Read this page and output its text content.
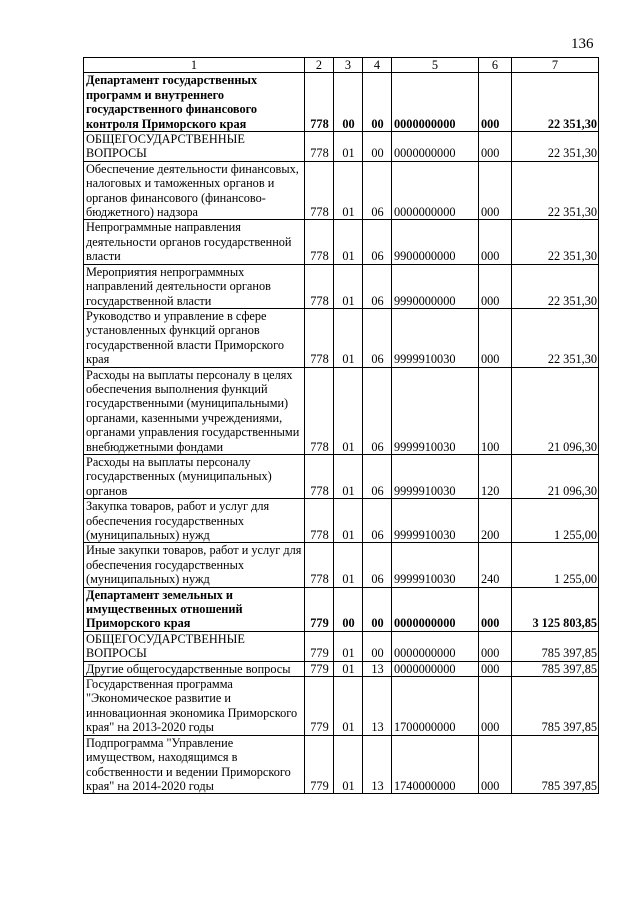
136
1	2	3	4	5	6	7
Департамент государственных программ и внутреннего государственного финансового контроля Приморского края	778	00	00	0000000000	000	22 351,30
ОБЩЕГОСУДАРСТВЕННЫЕ ВОПРОСЫ	778	01	00	0000000000	000	22 351,30
Обеспечение деятельности финансовых, налоговых и таможенных органов и органов финансового (финансово-бюджетного) надзора	778	01	06	0000000000	000	22 351,30
Непрограммные направления деятельности органов государственной власти	778	01	06	9900000000	000	22 351,30
Мероприятия непрограммных направлений деятельности органов государственной власти	778	01	06	9990000000	000	22 351,30
Руководство и управление в сфере установленных функций органов государственной власти Приморского края	778	01	06	9999910030	000	22 351,30
Расходы на выплаты персоналу в целях обеспечения выполнения функций государственными (муниципальными) органами, казенными учреждениями, органами управления государственными внебюджетными фондами	778	01	06	9999910030	100	21 096,30
Расходы на выплаты персоналу государственных (муниципальных) органов	778	01	06	9999910030	120	21 096,30
Закупка товаров, работ и услуг для обеспечения государственных (муниципальных) нужд	778	01	06	9999910030	200	1 255,00
Иные закупки товаров, работ и услуг для обеспечения государственных (муниципальных) нужд	778	01	06	9999910030	240	1 255,00
Департамент земельных и имущественных отношений Приморского края	779	00	00	0000000000	000	3 125 803,85
ОБЩЕГОСУДАРСТВЕННЫЕ ВОПРОСЫ	779	01	00	0000000000	000	785 397,85
Другие общегосударственные вопросы	779	01	13	0000000000	000	785 397,85
Государственная программа "Экономическое развитие и инновационная экономика Приморского края" на 2013-2020 годы	779	01	13	1700000000	000	785 397,85
Подпрограмма "Управление имуществом, находящимся в собственности и ведении Приморского края" на 2014-2020 годы	779	01	13	1740000000	000	785 397,85
